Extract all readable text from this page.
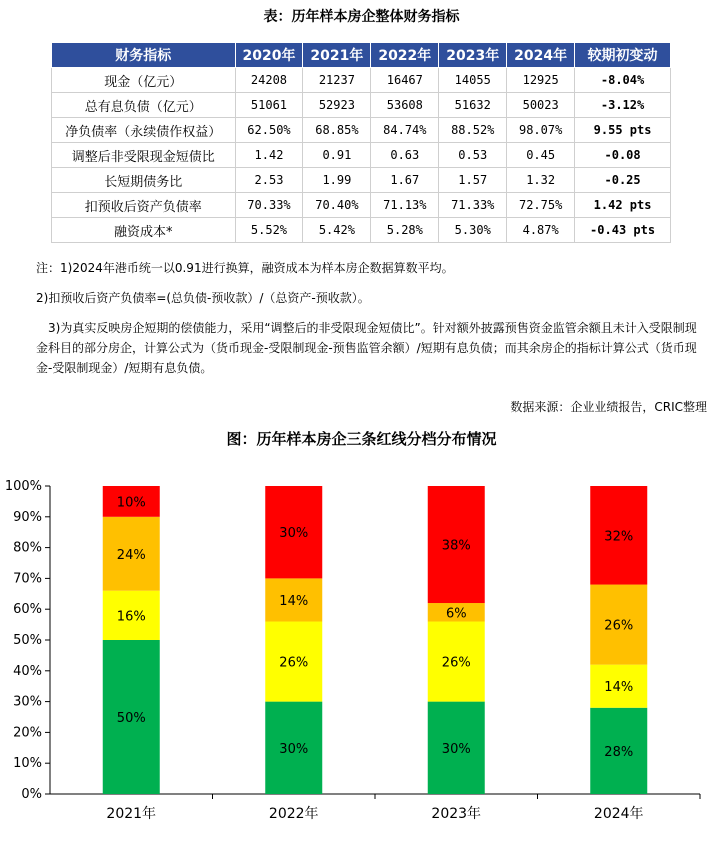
表：历年样本房企整体财务指标
财务指标	2020年	2021年	2022年	2023年	2024年	较期初变动
现金（亿元）	24208	21237	16467	14055	12925	-8.04%
总有息负债（亿元）	51061	52923	53608	51632	50023	-3.12%
净负债率（永续债作权益）	62.50%	68.85%	84.74%	88.52%	98.07%	9.55 pts
调整后非受限现金短债比	1.42	0.91	0.63	0.53	0.45	-0.08
长短期债务比	2.53	1.99	1.67	1.57	1.32	-0.25
扣预收后资产负债率	70.33%	70.40%	71.13%	71.33%	72.75%	1.42 pts
融资成本*	5.52%	5.42%	5.28%	5.30%	4.87%	-0.43 pts

注：1)2024年港币统一以0.91进行换算，融资成本为样本房企数据算数平均。

2)扣预收后资产负债率=(总负债-预收款）/（总资产-预收款）。

3)为真实反映房企短期的偿债能力，采用“调整后的非受限现金短债比”。针对额外披露预售资金监管余额且未计入受限制现金科目的部分房企，计算公式为（货币现金-受限制现金-预售监管余额）/短期有息负债；而其余房企的指标计算公式（货币现金-受限制现金）/短期有息负债。

数据来源：企业业绩报告，CRIC整理
图：历年样本房企三条红线分档分布情况
0%
10%
20%
30%
40%
50%
60%
70%
80%
90%
100%
50%
16%
24%
10%
2021年
30%
26%
14%
30%
2022年
30%
26%
6%
38%
2023年
28%
14%
26%
32%
2024年
